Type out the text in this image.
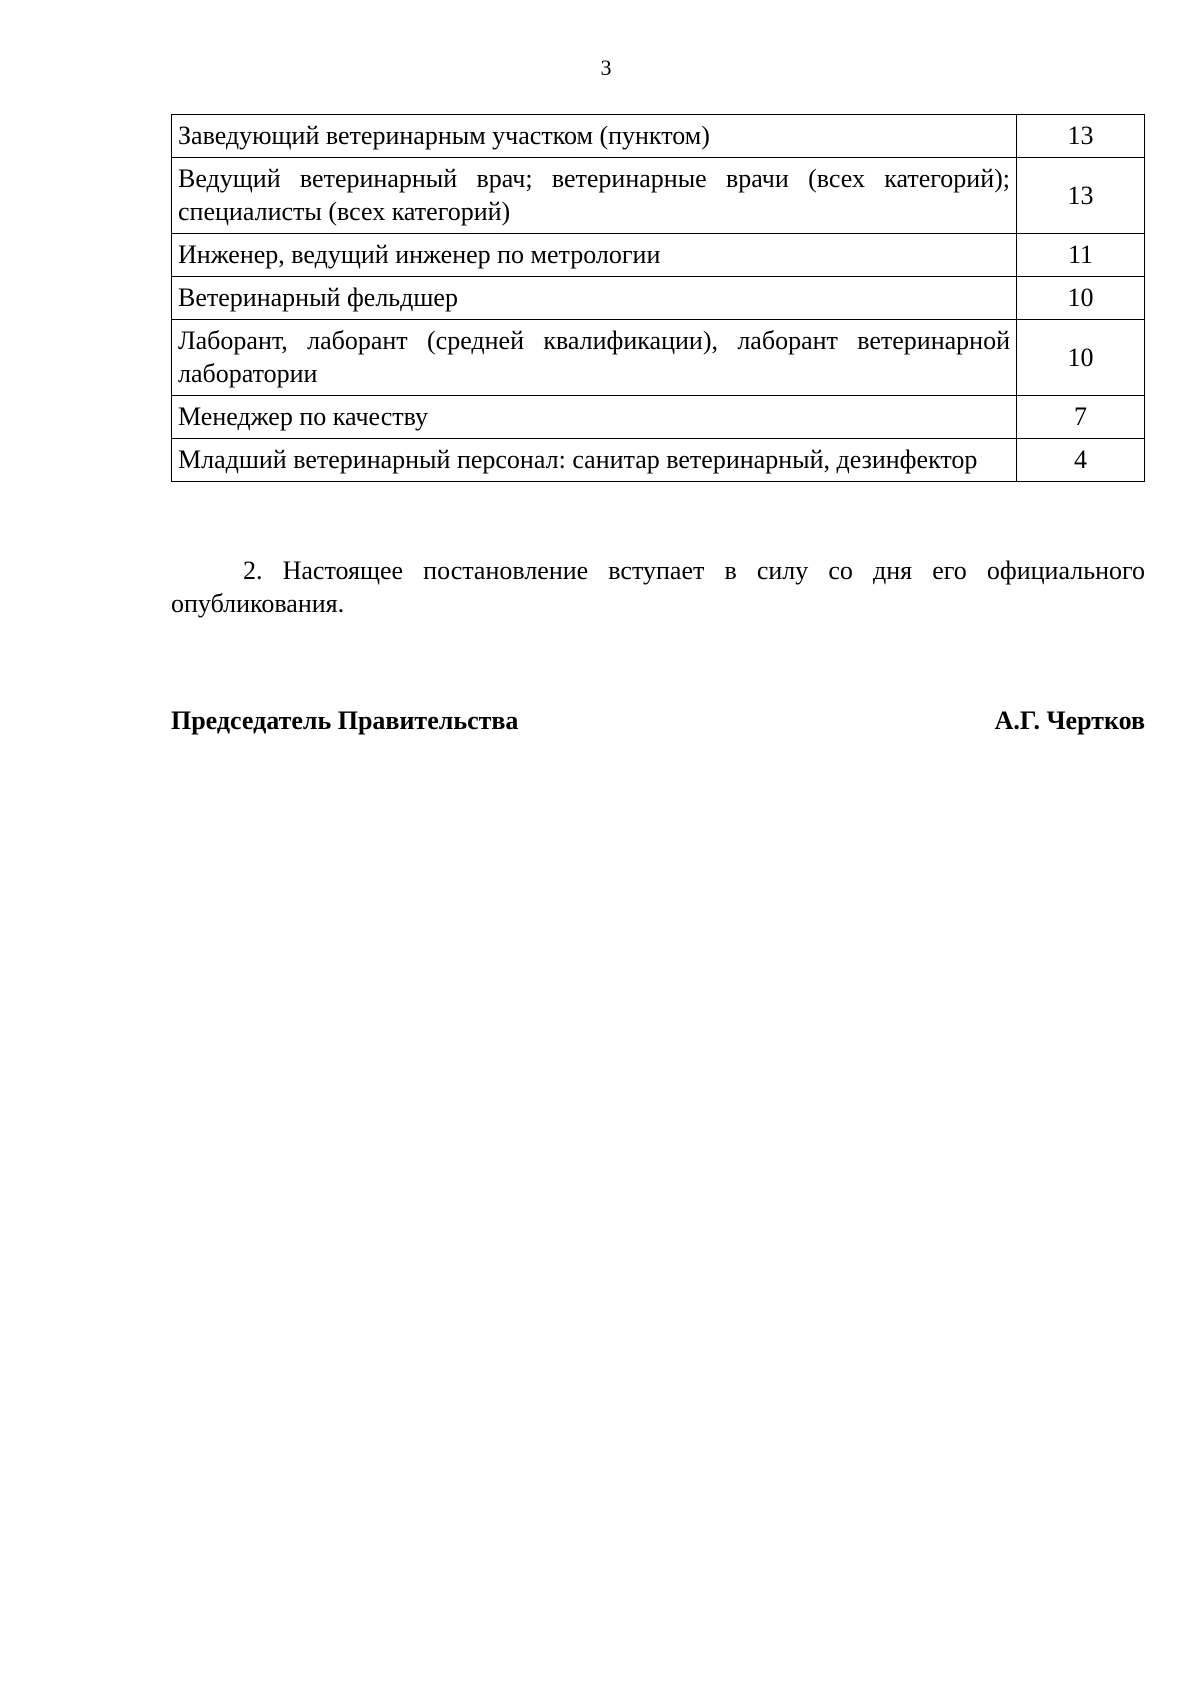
3
Заведующий ветеринарным участком (пунктом)	13
Ведущий ветеринарный врач; ветеринарные врачи (всех категорий); специалисты (всех категорий)	13
Инженер, ведущий инженер по метрологии	11
Ветеринарный фельдшер	10
Лаборант, лаборант (средней квалификации), лаборант ветеринарной лаборатории	10
Менеджер по качеству	7
Младший ветеринарный персонал: санитар ветеринарный, дезинфектор	4

2. Настоящее постановление вступает в силу со дня его официального опубликования.

Председатель Правительства	А.Г. Чертков
